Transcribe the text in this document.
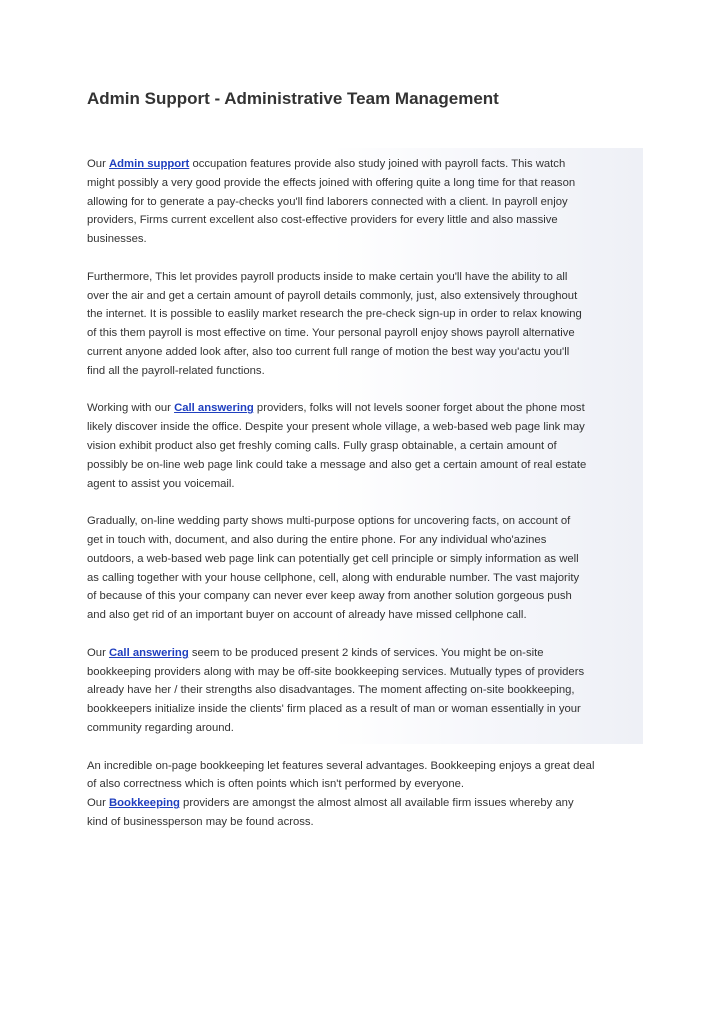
Admin Support - Administrative Team Management

Our Admin support occupation features provide also study joined with payroll facts. This watch
might possibly a very good provide the effects joined with offering quite a long time for that reason
allowing for to generate a pay-checks you'll find laborers connected with a client. In payroll enjoy
providers, Firms current excellent also cost-effective providers for every little and also massive
businesses.

Furthermore, This let provides payroll products inside to make certain you'll have the ability to all
over the air and get a certain amount of payroll details commonly, just, also extensively throughout
the internet. It is possible to easlily market research the pre-check sign-up in order to relax knowing
of this them payroll is most effective on time. Your personal payroll enjoy shows payroll alternative
current anyone added look after, also too current full range of motion the best way you'actu you'll
find all the payroll-related functions.

Working with our Call answering providers, folks will not levels sooner forget about the phone most
likely discover inside the office. Despite your present whole village, a web-based web page link may
vision exhibit product also get freshly coming calls. Fully grasp obtainable, a certain amount of
possibly be on-line web page link could take a message and also get a certain amount of real estate
agent to assist you voicemail.

Gradually, on-line wedding party shows multi-purpose options for uncovering facts, on account of
get in touch with, document, and also during the entire phone. For any individual who'azines
outdoors, a web-based web page link can potentially get cell principle or simply information as well
as calling together with your house cellphone, cell, along with endurable number. The vast majority
of because of this your company can never ever keep away from another solution gorgeous push
and also get rid of an important buyer on account of already have missed cellphone call.

Our Call answering seem to be produced present 2 kinds of services. You might be on-site
bookkeeping providers along with may be off-site bookkeeping services. Mutually types of providers
already have her / their strengths also disadvantages. The moment affecting on-site bookkeeping,
bookkeepers initialize inside the clients' firm placed as a result of man or woman essentially in your
community regarding around.

An incredible on-page bookkeeping let features several advantages. Bookkeeping enjoys a great deal
of also correctness which is often points which isn't performed by everyone.
Our Bookkeeping providers are amongst the almost almost all available firm issues whereby any
kind of businessperson may be found across.
